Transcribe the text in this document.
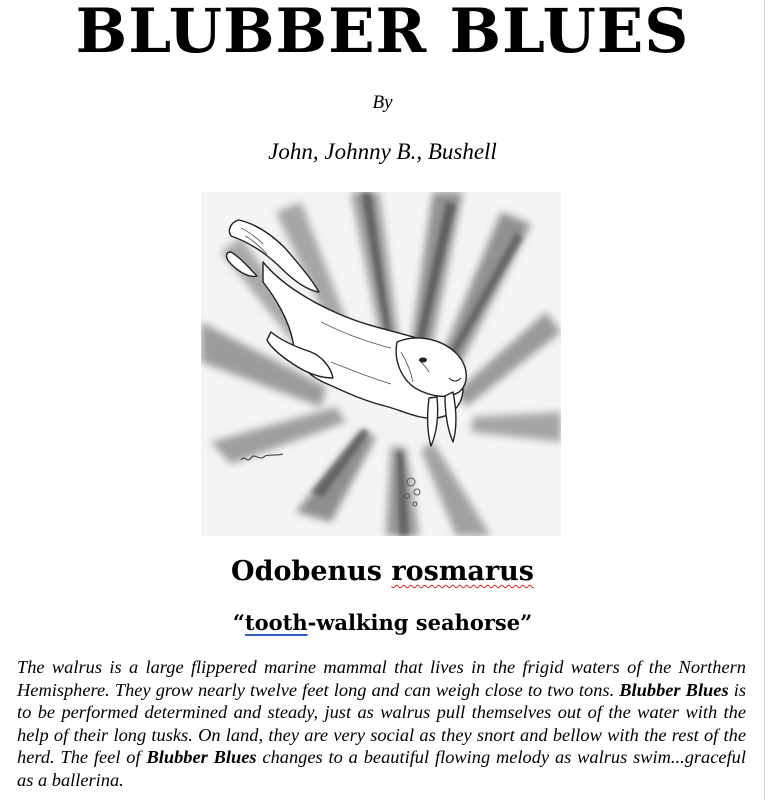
BLUBBER BLUES
By
John, Johnny B., Bushell
Odobenus rosmarus
“tooth-walking seahorse”
The walrus is a large flippered marine mammal that lives in the frigid waters of the Northern Hemisphere. They grow nearly twelve feet long and can weigh close to two tons. Blubber Blues is to be performed determined and steady, just as walrus pull themselves out of the water with the help of their long tusks. On land, they are very social as they snort and bellow with the rest of the herd. The feel of Blubber Blues changes to a beautiful flowing melody as walrus swim...graceful as a ballerina.
